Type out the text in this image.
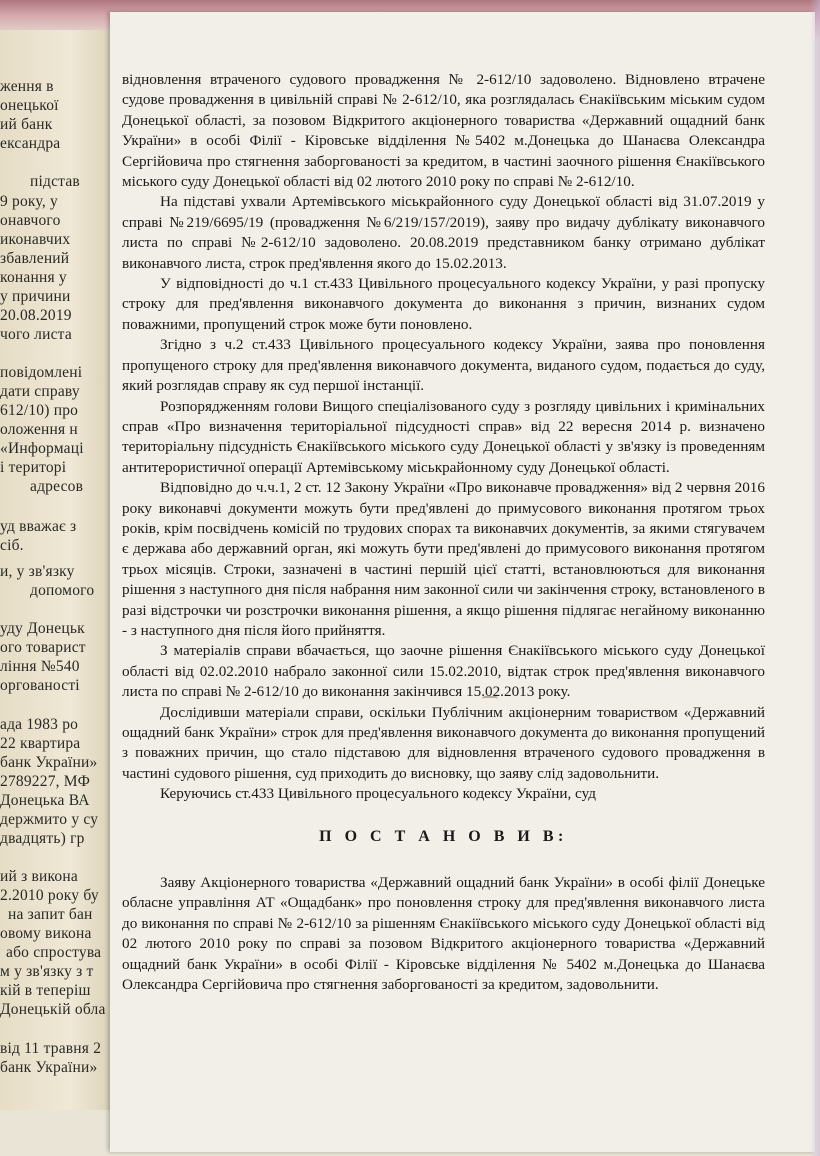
ження в
онецької
ий банк
ександра
підстав
9 року, у
онавчого
иконавчих
збавлений
конання у
у причини
20.08.2019
чого листа
повідомлені
дати справу
612/10) про
оложення н
«Информаці
і територі
адресов
уд вважає з
сіб.
и, у зв'язку
допомого
уду Донецьк
ого товарист
ління №540
оргованості
ада 1983 ро
22 квартира
банк України»
2789227, МФ
Донецька ВА
держмито у су
двадцять) гр
ий з викона
2.2010 року бу
на запит бан
овому викона
або спростува
м у зв'язку з т
кій в теперіш
Донецькій обла
від 11 травня 2
банк України»

відновлення втраченого судового провадження № 2-612/10 задоволено. Відновлено втрачене судове провадження в цивільній справі № 2-612/10, яка розглядалась Єнакіївським міським судом Донецької області, за позовом Відкритого акціонерного товариства «Державний ощадний банк України» в особі Філії - Кіровське відділення №5402 м.Донецька до Шанаєва Олександра Сергійовича про стягнення заборгованості за кредитом, в частині заочного рішення Єнакіївського міського суду Донецької області від 02 лютого 2010 року по справі № 2-612/10.

На підставі ухвали Артемівського міськрайонного суду Донецької області від 31.07.2019 у справі №219/6695/19 (провадження №6/219/157/2019), заяву про видачу дублікату виконавчого листа по справі №2-612/10 задоволено. 20.08.2019 представником банку отримано дублікат виконавчого листа, строк пред'явлення якого до 15.02.2013.

У відповідності до ч.1 ст.433 Цивільного процесуального кодексу України, у разі пропуску строку для пред'явлення виконавчого документа до виконання з причин, визнаних судом поважними, пропущений строк може бути поновлено.

Згідно з ч.2 ст.433 Цивільного процесуального кодексу України, заява про поновлення пропущеного строку для пред'явлення виконавчого документа, виданого судом, подається до суду, який розглядав справу як суд першої інстанції.

Розпорядженням голови Вищого спеціалізованого суду з розгляду цивільних і кримінальних справ «Про визначення територіальної підсудності справ» від 22 вересня 2014 р. визначено територіальну підсудність Єнакіївського міського суду Донецької області у зв'язку із проведенням антитерористичної операції Артемівському міськрайонному суду Донецької області.

Відповідно до ч.ч.1, 2 ст. 12 Закону України «Про виконавче провадження» від 2 червня 2016 року виконавчі документи можуть бути пред'явлені до примусового виконання протягом трьох років, крім посвідчень комісій по трудових спорах та виконавчих документів, за якими стягувачем є держава або державний орган, які можуть бути пред'явлені до примусового виконання протягом трьох місяців. Строки, зазначені в частині першій цієї статті, встановлюються для виконання рішення з наступного дня після набрання ним законної сили чи закінчення строку, встановленого в разі відстрочки чи розстрочки виконання рішення, а якщо рішення підлягає негайному виконанню - з наступного дня після його прийняття.

З матеріалів справи вбачається, що заочне рішення Єнакіївського міського суду Донецької області від 02.02.2010 набрало законної сили 15.02.2010, відтак строк пред'явлення виконавчого листа по справі № 2-612/10 до виконання закінчився 15.02.2013 року.

Дослідивши матеріали справи, оскільки Публічним акціонерним товариством «Державний ощадний банк України» строк для пред'явлення виконавчого документа до виконання пропущений з поважних причин, що стало підставою для відновлення втраченого судового провадження в частині судового рішення, суд приходить до висновку, що заяву слід задовольнити.

Керуючись ст.433 Цивільного процесуального кодексу України, суд

П О С Т А Н О В И В:

Заяву Акціонерного товариства «Державний ощадний банк України» в особі філії Донецьке обласне управління АТ «Ощадбанк» про поновлення строку для пред'явлення виконавчого листа до виконання по справі № 2-612/10 за рішенням Єнакіївського міського суду Донецької області від 02 лютого 2010 року по справі за позовом Відкритого акціонерного товариства «Державний ощадний банк України» в особі Філії - Кіровське відділення № 5402 м.Донецька до Шанаєва Олександра Сергійовича про стягнення заборгованості за кредитом, задовольнити.
